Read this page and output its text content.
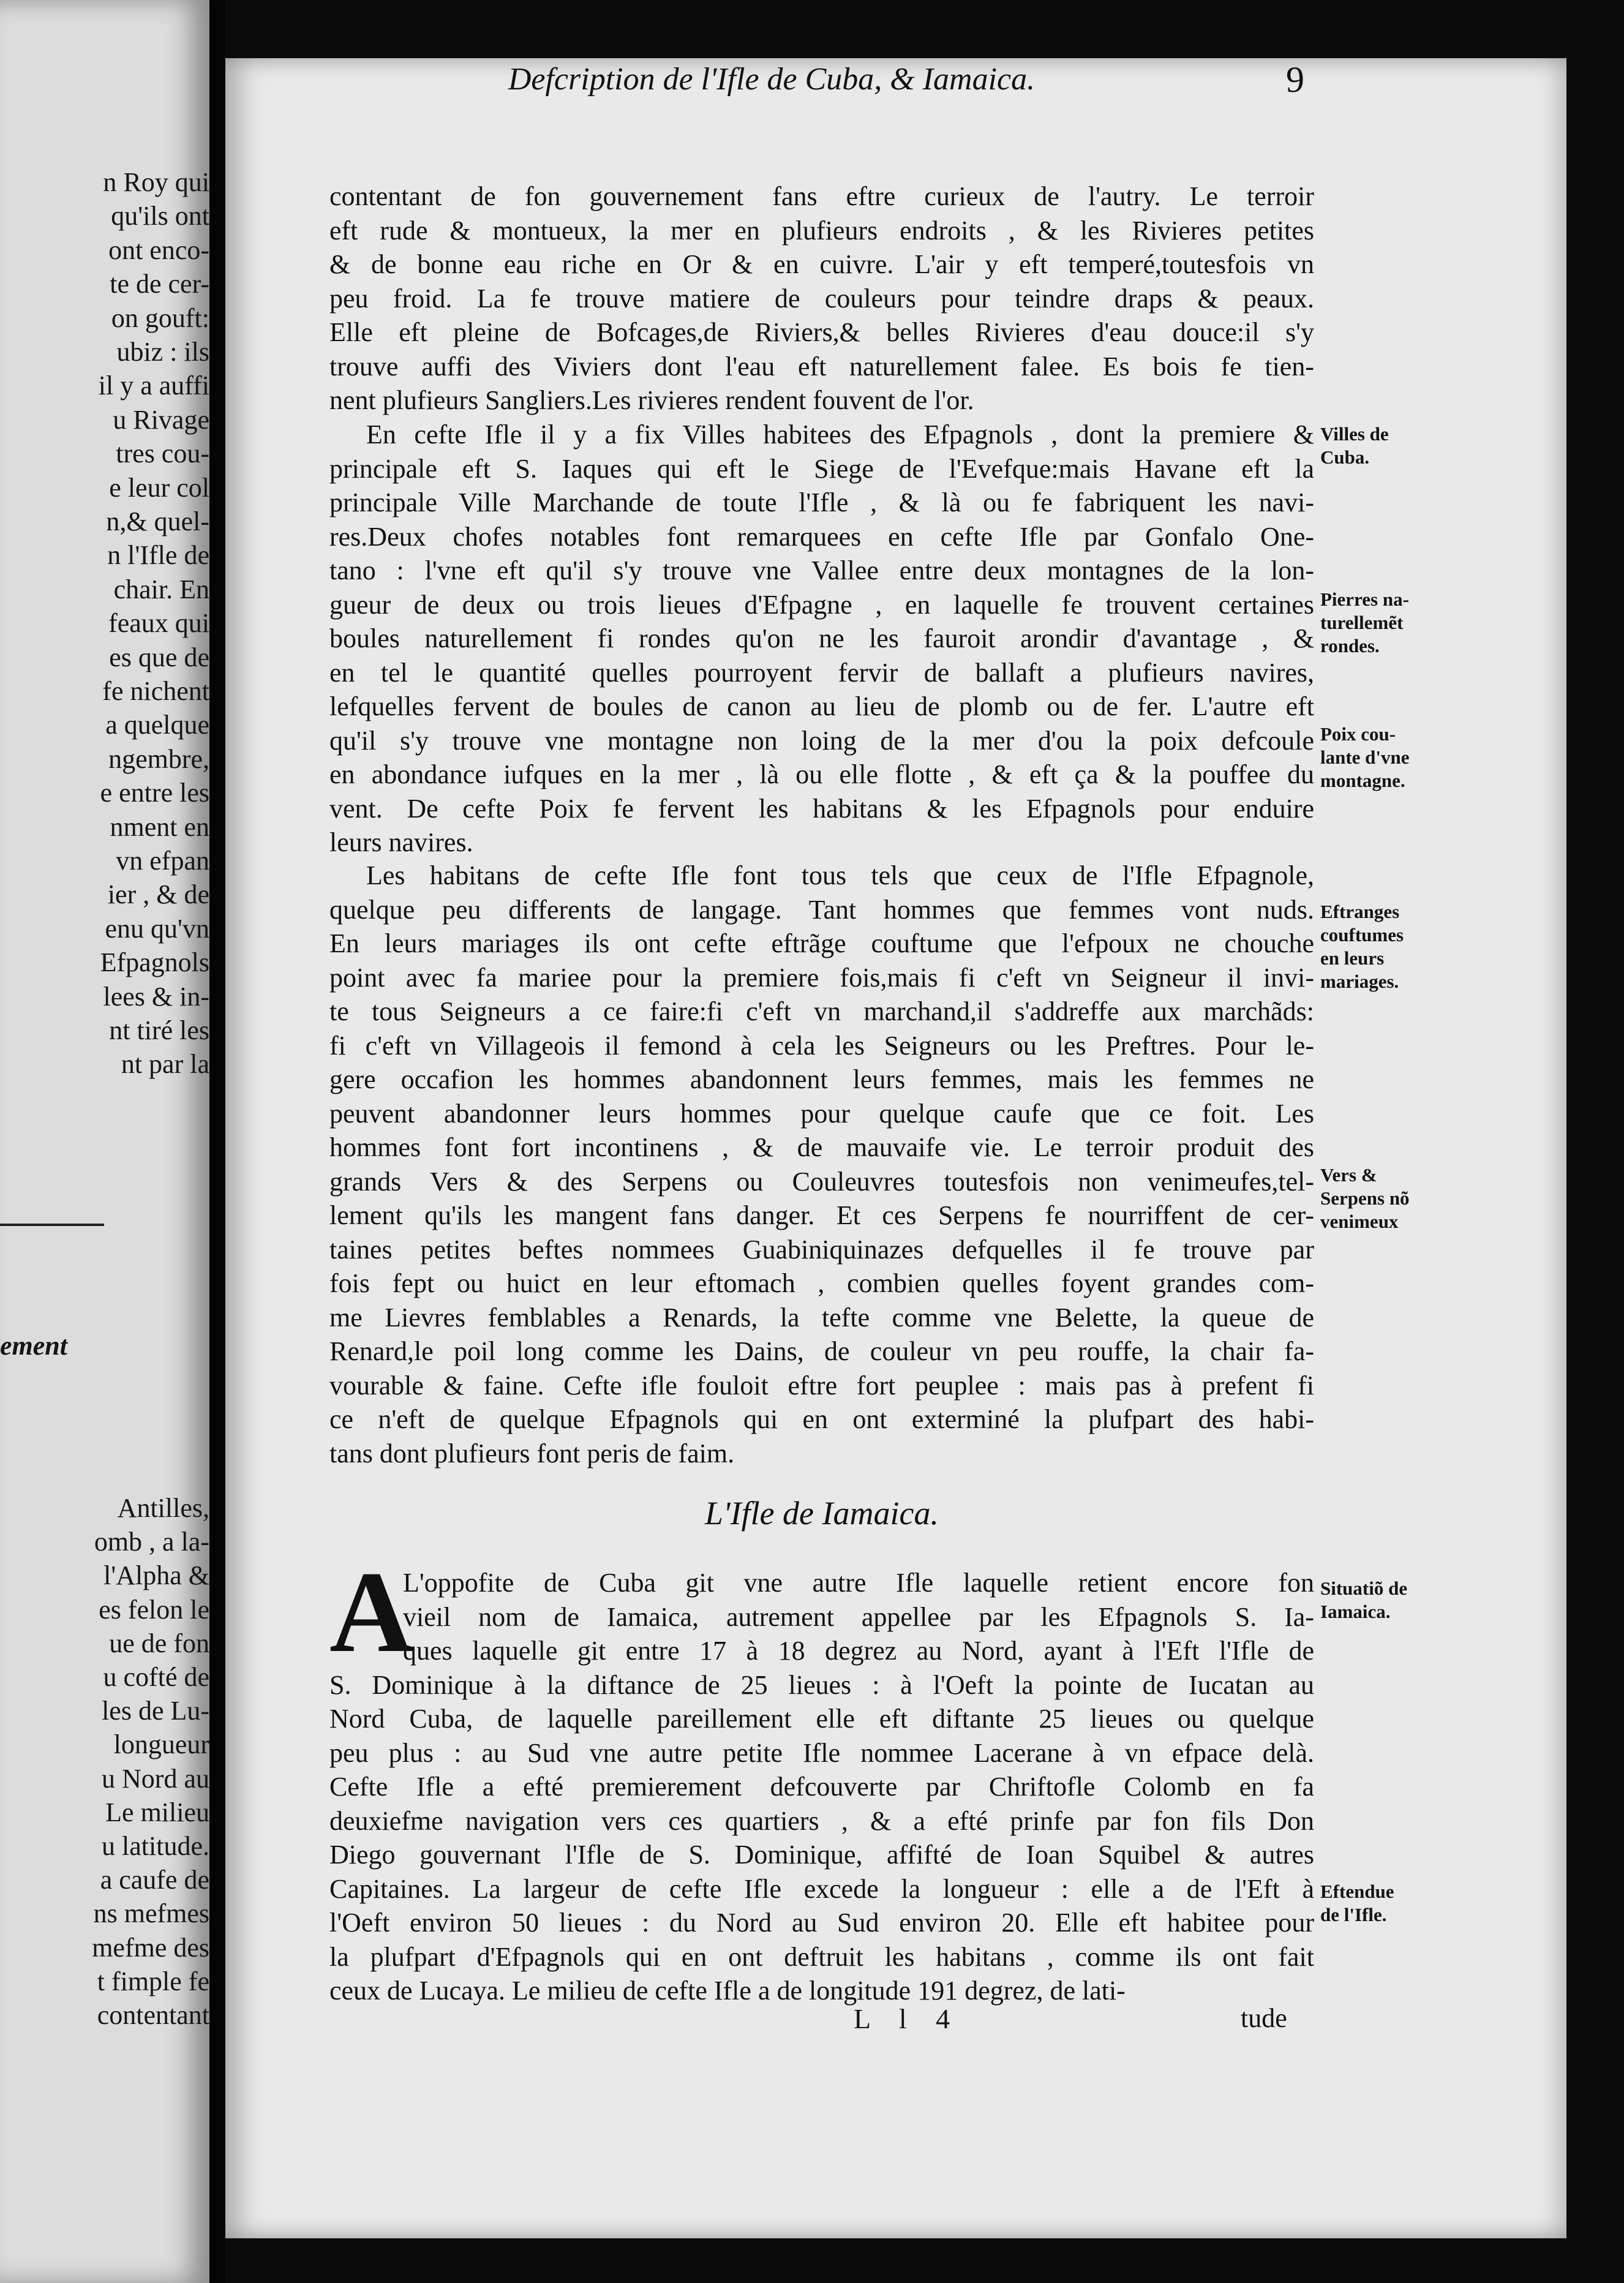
ement
n Roy qui
qu'ils ont
ont enco-
te de cer-
on gouft:
ubiz : ils
il y a auffi
u Rivage
tres cou-
e leur col
n,& quel-
n l'Ifle de
chair. En
feaux qui
es que de
fe nichent
a quelque
ngembre,
e entre les
nment en
vn efpan
ier , & de
enu qu'vn
Efpagnols
lees & in-
nt tiré les
nt par la
Antilles,
omb , a la-
l'Alpha &
es felon le
ue de fon
u cofté de
les de Lu-
longueur
u Nord au
Le milieu
u latitude.
a caufe de
ns mefmes
mefme des
t fimple fe
contentant
Defcription de l'Ifle de Cuba, & Iamaica.	9
contentant de fon gouvernement fans eftre curieux de l'autry. Le terroir
eft rude & montueux, la mer en plufieurs endroits , & les Rivieres petites
& de bonne eau riche en Or & en cuivre. L'air y eft temperé,toutesfois vn
peu froid. La fe trouve matiere de couleurs pour teindre draps & peaux.
Elle eft pleine de Bofcages,de Riviers,& belles Rivieres d'eau douce:il s'y
trouve auffi des Viviers dont l'eau eft naturellement falee. Es bois fe tien-
nent plufieurs Sangliers.Les rivieres rendent fouvent de l'or.
En cefte Ifle il y a fix Villes habitees des Efpagnols , dont la premiere &
principale eft S. Iaques qui eft le Siege de l'Evefque:mais Havane eft la
principale Ville Marchande de toute l'Ifle , & là ou fe fabriquent les navi-
res.Deux chofes notables font remarquees en cefte Ifle par Gonfalo One-
tano : l'vne eft qu'il s'y trouve vne Vallee entre deux montagnes de la lon-
gueur de deux ou trois lieues d'Efpagne , en laquelle fe trouvent certaines
boules naturellement fi rondes qu'on ne les fauroit arondir d'avantage , &
en tel le quantité quelles pourroyent fervir de ballaft a plufieurs navires,
lefquelles fervent de boules de canon au lieu de plomb ou de fer. L'autre eft
qu'il s'y trouve vne montagne non loing de la mer d'ou la poix defcoule
en abondance iufques en la mer , là ou elle flotte , & eft ça & la pouffee du
vent. De cefte Poix fe fervent les habitans & les Efpagnols pour enduire
leurs navires.
Les habitans de cefte Ifle font tous tels que ceux de l'Ifle Efpagnole,
quelque peu differents de langage. Tant hommes que femmes vont nuds.
En leurs mariages ils ont cefte eftrãge couftume que l'efpoux ne chouche
point avec fa mariee pour la premiere fois,mais fi c'eft vn Seigneur il invi-
te tous Seigneurs a ce faire:fi c'eft vn marchand,il s'addreffe aux marchãds:
fi c'eft vn Villageois il femond à cela les Seigneurs ou les Preftres. Pour le-
gere occafion les hommes abandonnent leurs femmes, mais les femmes ne
peuvent abandonner leurs hommes pour quelque caufe que ce foit. Les
hommes font fort incontinens , & de mauvaife vie. Le terroir produit des
grands Vers & des Serpens ou Couleuvres toutesfois non venimeufes,tel-
lement qu'ils les mangent fans danger. Et ces Serpens fe nourriffent de cer-
taines petites beftes nommees Guabiniquinazes defquelles il fe trouve par
fois fept ou huict en leur eftomach , combien quelles foyent grandes com-
me Lievres femblables a Renards, la tefte comme vne Belette, la queue de
Renard,le poil long comme les Dains, de couleur vn peu rouffe, la chair fa-
vourable & faine. Cefte ifle fouloit eftre fort peuplee : mais pas à prefent fi
ce n'eft de quelque Efpagnols qui en ont exterminé la plufpart des habi-
tans dont plufieurs font peris de faim.
L'oppofite de Cuba git vne autre Ifle laquelle retient encore fon
vieil nom de Iamaica, autrement appellee par les Efpagnols S. Ia-
ques laquelle git entre 17 à 18 degrez au Nord, ayant à l'Eft l'Ifle de
S. Dominique à la diftance de 25 lieues : à l'Oeft la pointe de Iucatan au
Nord Cuba, de laquelle pareillement elle eft diftante 25 lieues ou quelque
peu plus : au Sud vne autre petite Ifle nommee Lacerane à vn efpace delà.
Cefte Ifle a efté premierement defcouverte par Chriftofle Colomb en fa
deuxiefme navigation vers ces quartiers , & a efté prinfe par fon fils Don
Diego gouvernant l'Ifle de S. Dominique, affifté de Ioan Squibel & autres
Capitaines. La largeur de cefte Ifle excede la longueur : elle a de l'Eft à
l'Oeft environ 50 lieues : du Nord au Sud environ 20. Elle eft habitee pour
la plufpart d'Efpagnols qui en ont deftruit les habitans , comme ils ont fait
ceux de Lucaya. Le milieu de cefte Ifle a de longitude 191 degrez, de lati-
L'Ifle de Iamaica.
A
Villes de
Cuba.
Pierres na-
turellemẽt
rondes.
Poix cou-
lante d'vne
montagne.
Eftranges
couftumes
en leurs
mariages.
Vers &
Serpens nõ
venimeux
Situatiõ de
Iamaica.
Eftendue
de l'Ifle.
L l 4	tude
